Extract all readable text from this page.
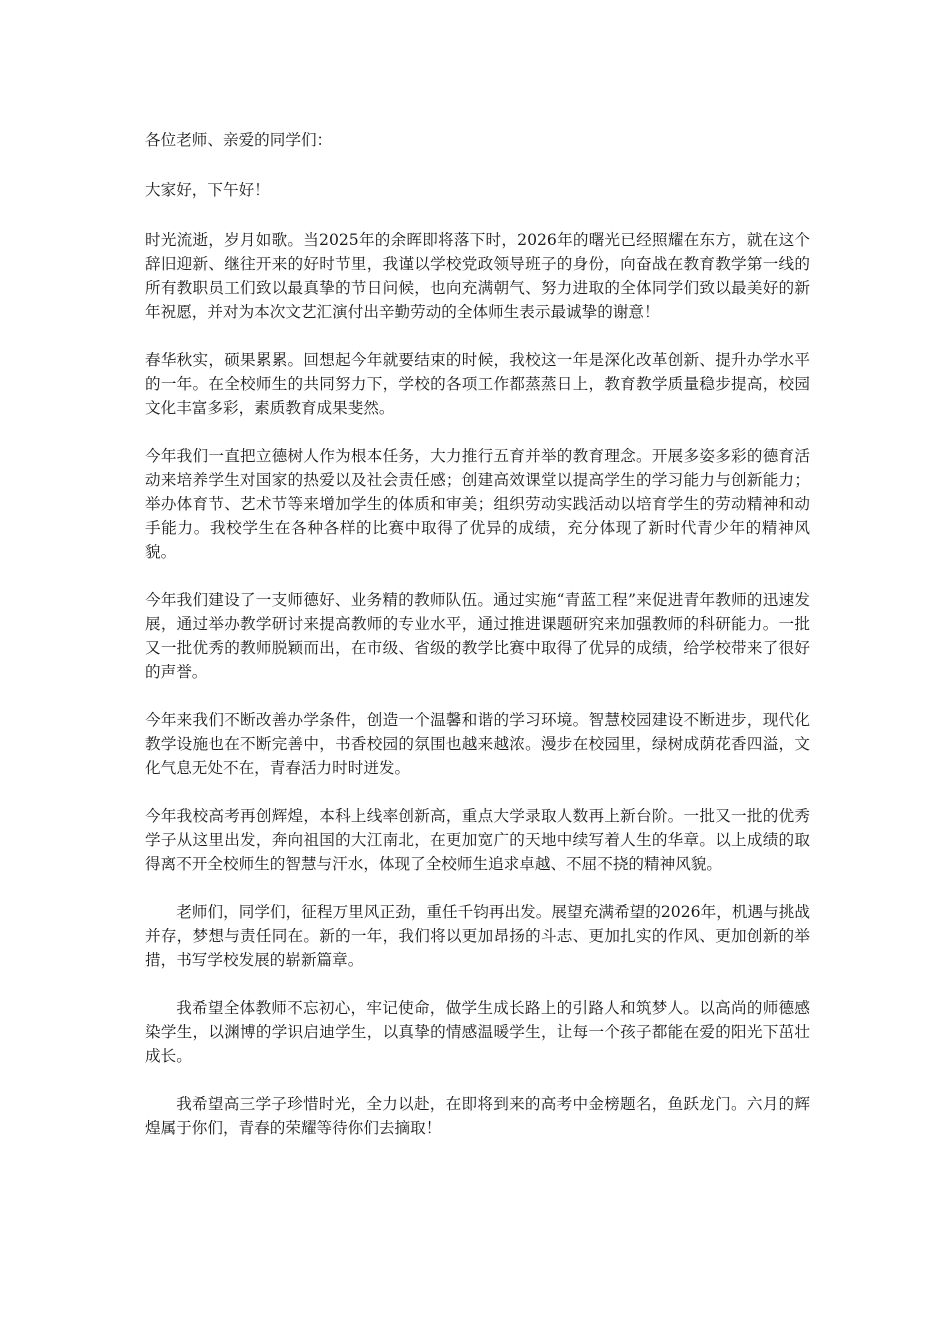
各位老师、亲爱的同学们：

大家好，下午好！

时光流逝，岁月如歌。当2025年的余晖即将落下时，2026年的曙光已经照耀在东方，就在这个辞旧迎新、继往开来的好时节里，我谨以学校党政领导班子的身份，向奋战在教育教学第一线的所有教职员工们致以最真挚的节日问候，也向充满朝气、努力进取的全体同学们致以最美好的新年祝愿，并对为本次文艺汇演付出辛勤劳动的全体师生表示最诚挚的谢意！

春华秋实，硕果累累。回想起今年就要结束的时候，我校这一年是深化改革创新、提升办学水平的一年。在全校师生的共同努力下，学校的各项工作都蒸蒸日上，教育教学质量稳步提高，校园文化丰富多彩，素质教育成果斐然。

今年我们一直把立德树人作为根本任务，大力推行五育并举的教育理念。开展多姿多彩的德育活动来培养学生对国家的热爱以及社会责任感；创建高效课堂以提高学生的学习能力与创新能力；举办体育节、艺术节等来增加学生的体质和审美；组织劳动实践活动以培育学生的劳动精神和动手能力。我校学生在各种各样的比赛中取得了优异的成绩，充分体现了新时代青少年的精神风貌。

今年我们建设了一支师德好、业务精的教师队伍。通过实施“青蓝工程”来促进青年教师的迅速发展，通过举办教学研讨来提高教师的专业水平，通过推进课题研究来加强教师的科研能力。一批又一批优秀的教师脱颖而出，在市级、省级的教学比赛中取得了优异的成绩，给学校带来了很好的声誉。

今年来我们不断改善办学条件，创造一个温馨和谐的学习环境。智慧校园建设不断进步，现代化教学设施也在不断完善中，书香校园的氛围也越来越浓。漫步在校园里，绿树成荫花香四溢，文化气息无处不在，青春活力时时迸发。

今年我校高考再创辉煌，本科上线率创新高，重点大学录取人数再上新台阶。一批又一批的优秀学子从这里出发，奔向祖国的大江南北，在更加宽广的天地中续写着人生的华章。以上成绩的取得离不开全校师生的智慧与汗水，体现了全校师生追求卓越、不屈不挠的精神风貌。

老师们，同学们，征程万里风正劲，重任千钧再出发。展望充满希望的2026年，机遇与挑战并存，梦想与责任同在。新的一年，我们将以更加昂扬的斗志、更加扎实的作风、更加创新的举措，书写学校发展的崭新篇章。

我希望全体教师不忘初心，牢记使命，做学生成长路上的引路人和筑梦人。以高尚的师德感染学生，以渊博的学识启迪学生，以真挚的情感温暖学生，让每一个孩子都能在爱的阳光下茁壮成长。

我希望高三学子珍惜时光，全力以赴，在即将到来的高考中金榜题名，鱼跃龙门。六月的辉煌属于你们，青春的荣耀等待你们去摘取！
